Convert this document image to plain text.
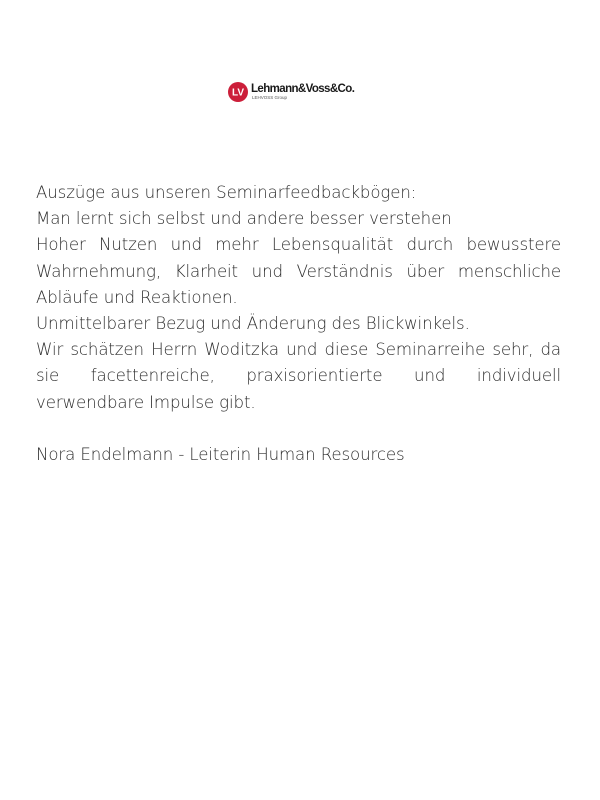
LV Lehmann&Voss&Co.
LEHVOSS Group

Auszüge aus unseren Seminarfeedbackbögen:

Man lernt sich selbst und andere besser verstehen

Hoher Nutzen und mehr Lebensqualität durch bewusstere Wahrnehmung, Klarheit und Verständnis über menschliche Abläufe und Reaktionen.

Unmittelbarer Bezug und Änderung des Blickwinkels.

Wir schätzen Herrn Woditzka und diese Seminarreihe sehr, da sie facettenreiche, praxisorientierte und individuell verwendbare Impulse gibt.

Nora Endelmann - Leiterin Human Resources
